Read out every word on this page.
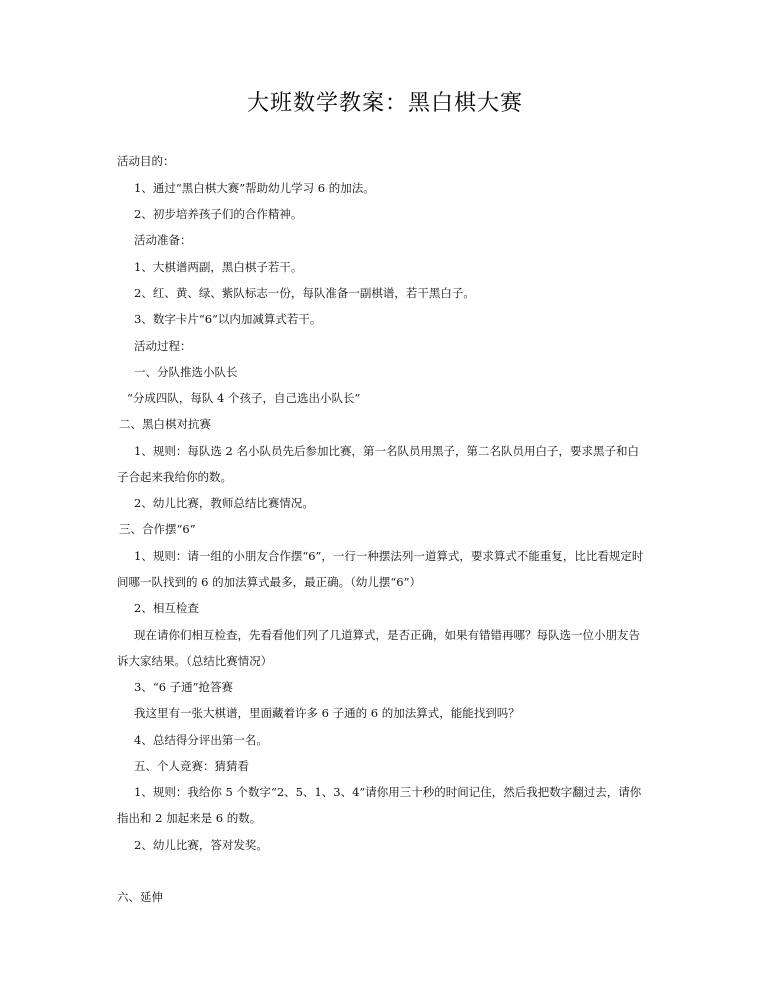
大班数学教案：黑白棋大赛
活动目的：
1、通过“黑白棋大赛”帮助幼儿学习 6 的加法。
2、初步培养孩子们的合作精神。
活动准备：
1、大棋谱两副，黑白棋子若干。
2、红、黄、绿、紫队标志一份，每队准备一副棋谱，若干黑白子。
3、数字卡片“6”以内加减算式若干。
活动过程：
一、分队推选小队长
“分成四队，每队 4 个孩子，自己选出小队长”
二、黑白棋对抗赛
1、规则：每队选 2 名小队员先后参加比赛，第一名队员用黑子，第二名队员用白子，要求黑子和白
子合起来我给你的数。
2、幼儿比赛，教师总结比赛情况。
三、合作摆“6”
1、规则：请一组的小朋友合作摆“6”，一行一种摆法列一道算式，要求算式不能重复，比比看规定时
间哪一队找到的 6 的加法算式最多，最正确。（幼儿摆“6”）
2、相互检查
现在请你们相互检查，先看看他们列了几道算式，是否正确，如果有错错再哪？每队选一位小朋友告
诉大家结果。（总结比赛情况）
3、“6 子通”抢答赛
我这里有一张大棋谱，里面藏着许多 6 子通的 6 的加法算式，能能找到吗？
4、总结得分评出第一名。
五、个人竞赛：猜猜看
1、规则：我给你 5 个数字“2、5、1、3、4”请你用三十秒的时间记住，然后我把数字翻过去，请你
指出和 2 加起来是 6 的数。
2、幼儿比赛，答对发奖。
六、延伸
